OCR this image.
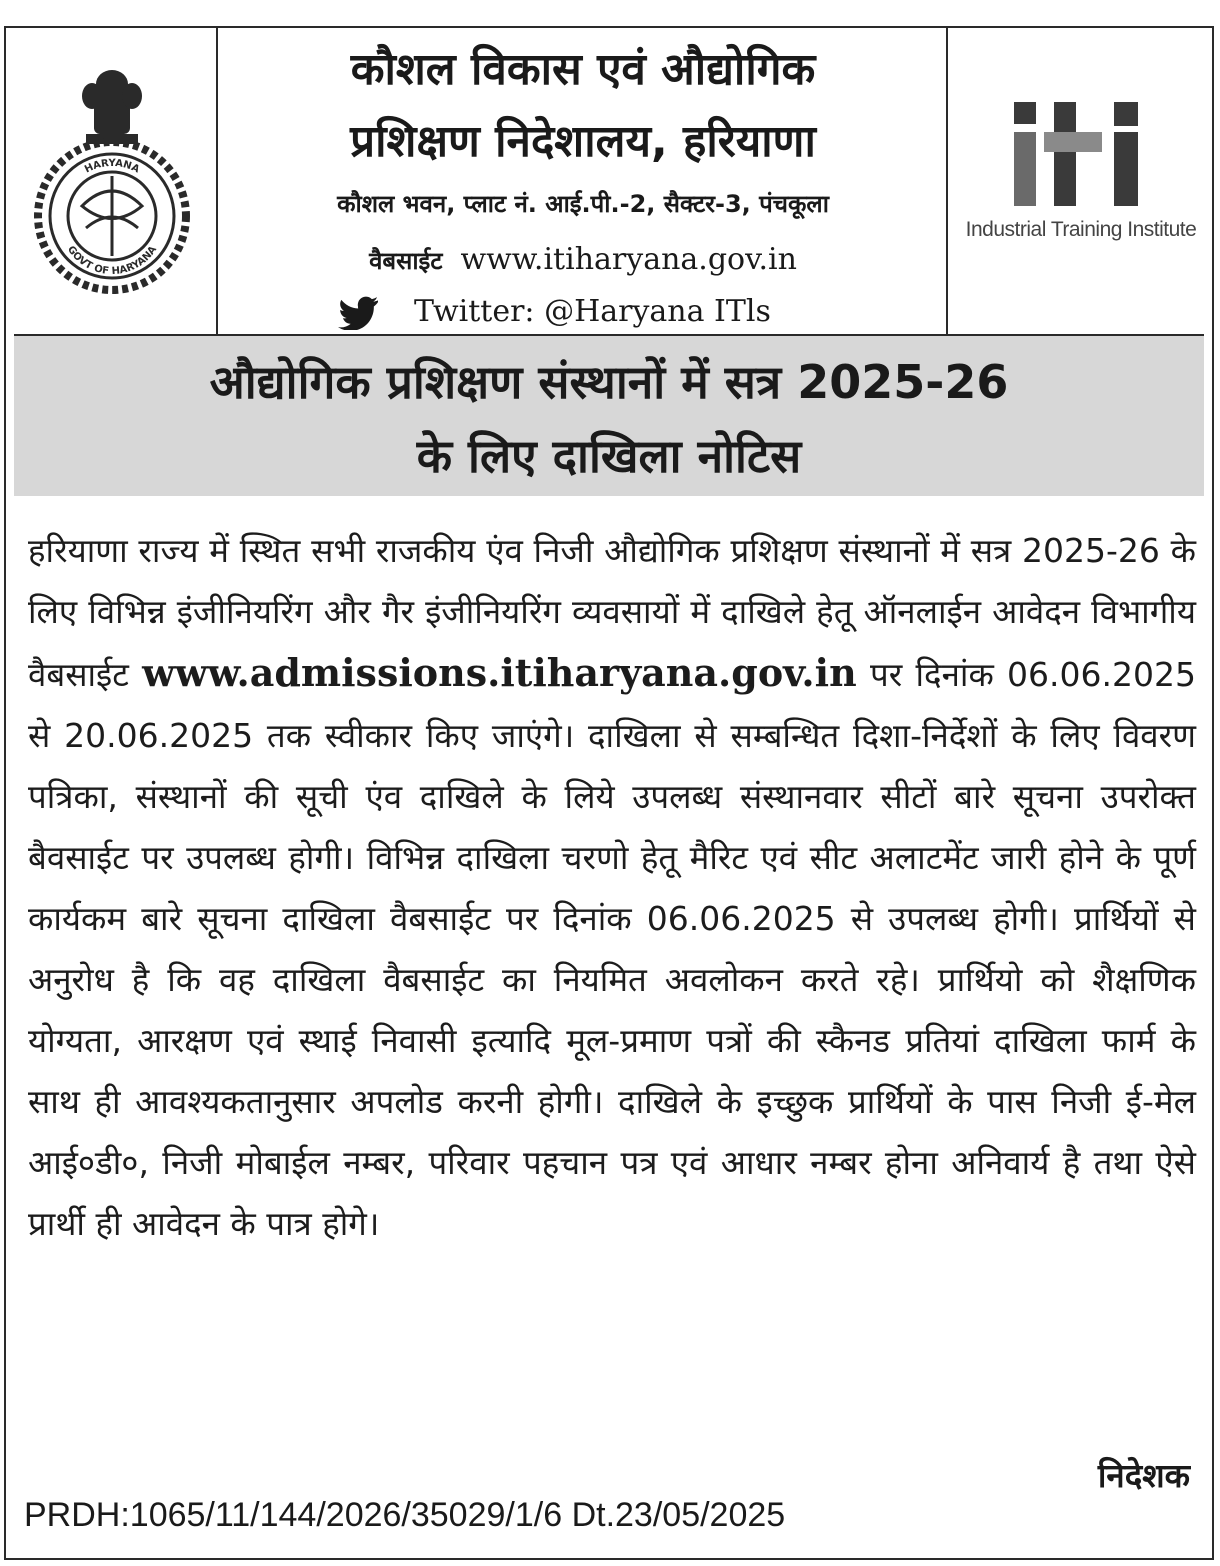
HARYANA
GOVT OF HARYANA
कौशल विकास एवं औद्योगिक
प्रशिक्षण निदेशालय, हरियाणा
कौशल भवन, प्लाट नं. आई.पी.-2, सैक्टर-3, पंचकूला
वैबसाईट www.itiharyana.gov.in
Twitter: @Haryana ITls
Industrial Training Institute
औद्योगिक प्रशिक्षण संस्थानों में सत्र 2025-26
के लिए दाखिला नोटिस
हरियाणा राज्य में स्थित सभी राजकीय एंव निजी औद्योगिक प्रशिक्षण संस्थानों में सत्र 2025-26 के लिए विभिन्न इंजीनियरिंग और गैर इंजीनियरिंग व्यवसायों में दाखिले हेतू ऑनलाईन आवेदन विभागीय वैबसाईट www.admissions.itiharyana.gov.in पर दिनांक 06.06.2025 से 20.06.2025 तक स्वीकार किए जाएंगे। दाखिला से सम्बन्धित दिशा-निर्देशों के लिए विवरण पत्रिका, संस्थानों की सूची एंव दाखिले के लिये उपलब्ध संस्थानवार सीटों बारे सूचना उपरोक्त बैवसाईट पर उपलब्ध होगी। विभिन्न दाखिला चरणो हेतू मैरिट एवं सीट अलाटमेंट जारी होने के पूर्ण कार्यकम बारे सूचना दाखिला वैबसाईट पर दिनांक 06.06.2025 से उपलब्ध होगी। प्रार्थियों से अनुरोध है कि वह दाखिला वैबसाईट का नियमित अवलोकन करते रहे। प्रार्थियो को शैक्षणिक योग्यता, आरक्षण एवं स्थाई निवासी इत्यादि मूल-प्रमाण पत्रों की स्कैनड प्रतियां दाखिला फार्म के साथ ही आवश्यकतानुसार अपलोड करनी होगी। दाखिले के इच्छुक प्रार्थियों के पास निजी ई-मेल आई०डी०, निजी मोबाईल नम्बर, परिवार पहचान पत्र एवं आधार नम्बर होना अनिवार्य है तथा ऐसे प्रार्थी ही आवेदन के पात्र होगे।
निदेशक
PRDH:1065/11/144/2026/35029/1/6 Dt.23/05/2025
